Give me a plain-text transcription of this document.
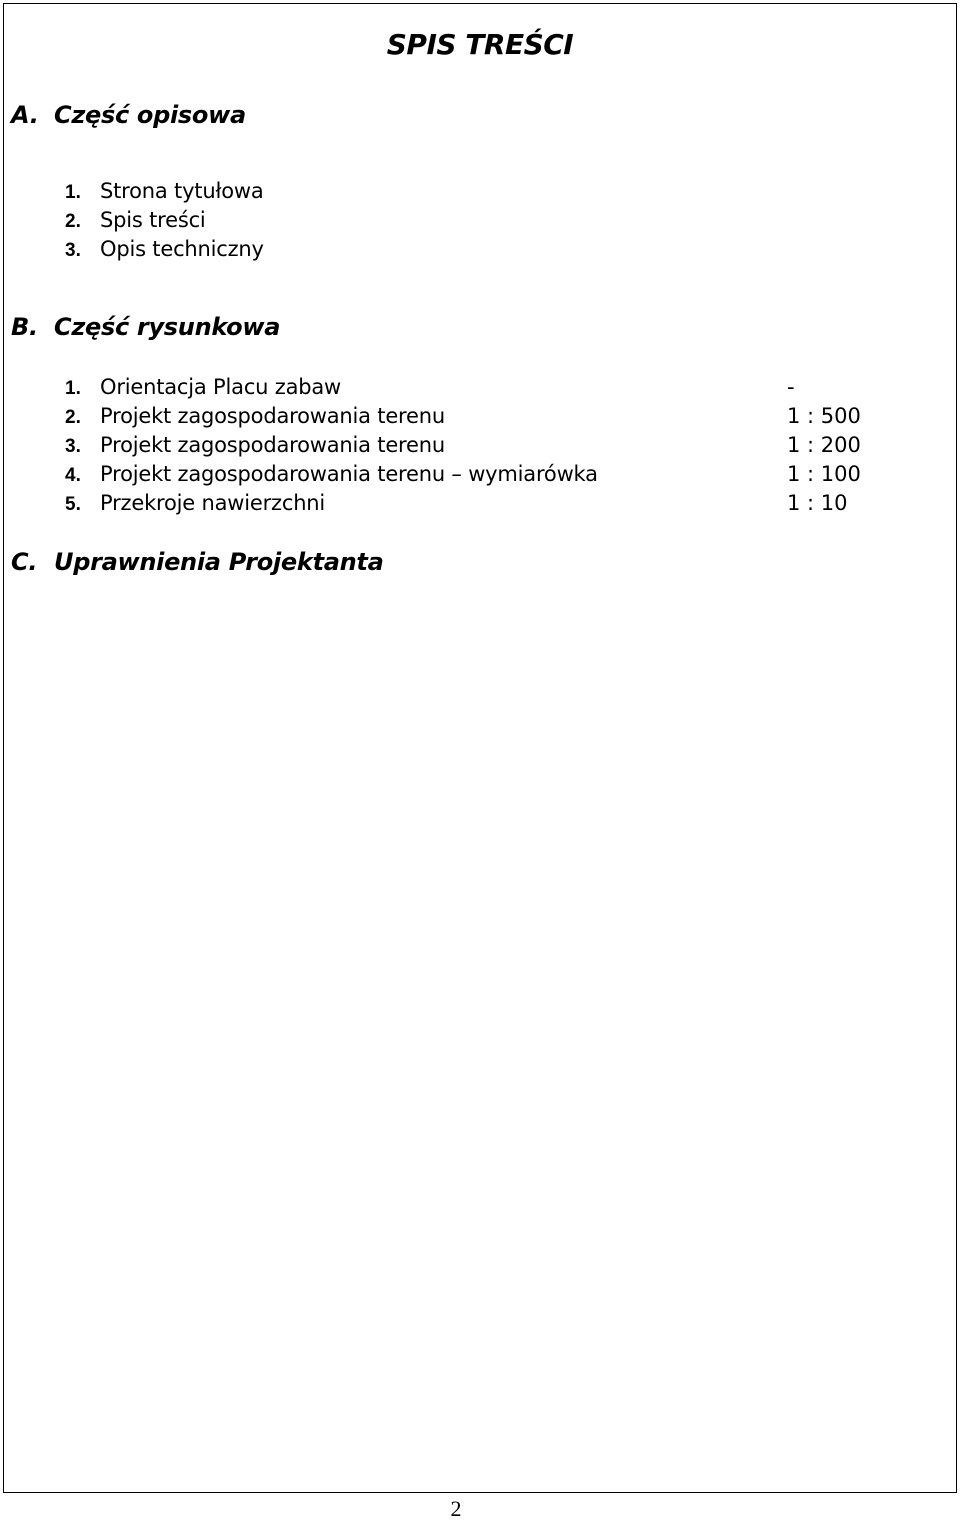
SPIS TREŚCI
A. Część opisowa
1. Strona tytułowa
2. Spis treści
3. Opis techniczny
B. Część rysunkowa
1. Orientacja Placu zabaw	-
2. Projekt zagospodarowania terenu	1 : 500
3. Projekt zagospodarowania terenu	1 : 200
4. Projekt zagospodarowania terenu – wymiarówka	1 : 100
5. Przekroje nawierzchni	1 : 10
C. Uprawnienia Projektanta
2
